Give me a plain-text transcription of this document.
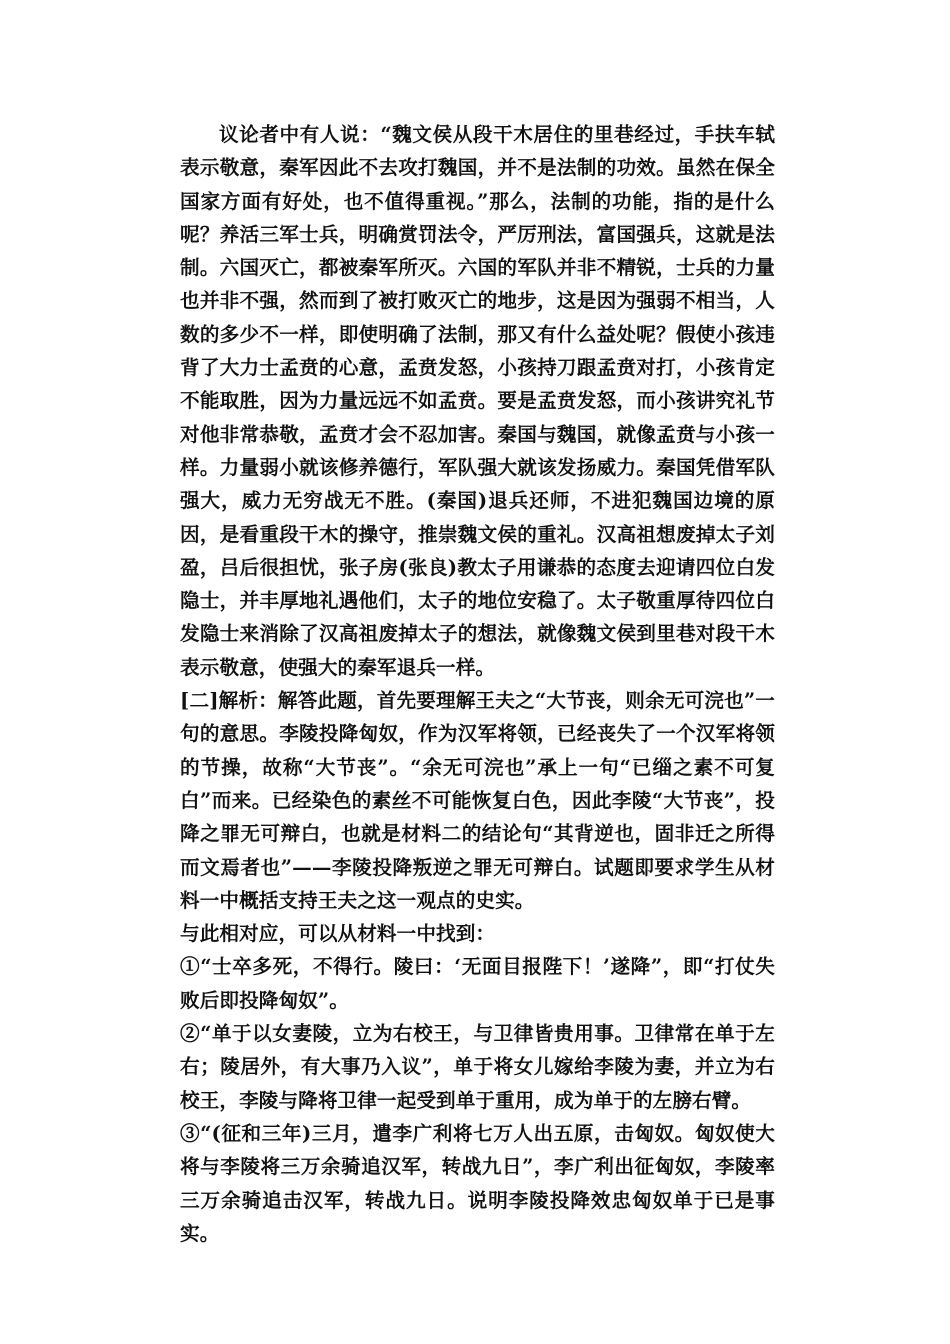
议论者中有人说：“魏文侯从段干木居住的里巷经过，手扶车轼表示敬意，秦军因此不去攻打魏国，并不是法制的功效。虽然在保全国家方面有好处，也不值得重视。”那么，法制的功能，指的是什么呢？养活三军士兵，明确赏罚法令，严厉刑法，富国强兵，这就是法制。六国灭亡，都被秦军所灭。六国的军队并非不精锐，士兵的力量也并非不强，然而到了被打败灭亡的地步，这是因为强弱不相当，人数的多少不一样，即使明确了法制，那又有什么益处呢？假使小孩违背了大力士孟贲的心意，孟贲发怒，小孩持刀跟孟贲对打，小孩肯定不能取胜，因为力量远远不如孟贲。要是孟贲发怒，而小孩讲究礼节对他非常恭敬，孟贲才会不忍加害。秦国与魏国，就像孟贲与小孩一样。力量弱小就该修养德行，军队强大就该发扬威力。秦国凭借军队强大，威力无穷战无不胜。(秦国)退兵还师，不进犯魏国边境的原因，是看重段干木的操守，推崇魏文侯的重礼。汉高祖想废掉太子刘盈，吕后很担忧，张子房(张良)教太子用谦恭的态度去迎请四位白发隐士，并丰厚地礼遇他们，太子的地位安稳了。太子敬重厚待四位白发隐士来消除了汉高祖废掉太子的想法，就像魏文侯到里巷对段干木表示敬意，使强大的秦军退兵一样。

[二]解析：解答此题，首先要理解王夫之“大节丧，则余无可浣也”一句的意思。李陵投降匈奴，作为汉军将领，已经丧失了一个汉军将领的节操，故称“大节丧”。“余无可浣也”承上一句“已缁之素不可复白”而来。已经染色的素丝不可能恢复白色，因此李陵“大节丧”，投降之罪无可辩白，也就是材料二的结论句“其背逆也，固非迁之所得而文焉者也”——李陵投降叛逆之罪无可辩白。试题即要求学生从材料一中概括支持王夫之这一观点的史实。

与此相对应，可以从材料一中找到：

①“士卒多死，不得行。陵曰：‘无面目报陛下！’遂降”，即“打仗失败后即投降匈奴”。

②“单于以女妻陵，立为右校王，与卫律皆贵用事。卫律常在单于左右；陵居外，有大事乃入议”，单于将女儿嫁给李陵为妻，并立为右校王，李陵与降将卫律一起受到单于重用，成为单于的左膀右臂。

③“(征和三年)三月，遣李广利将七万人出五原，击匈奴。匈奴使大将与李陵将三万余骑追汉军，转战九日”，李广利出征匈奴，李陵率三万余骑追击汉军，转战九日。说明李陵投降效忠匈奴单于已是事实。
